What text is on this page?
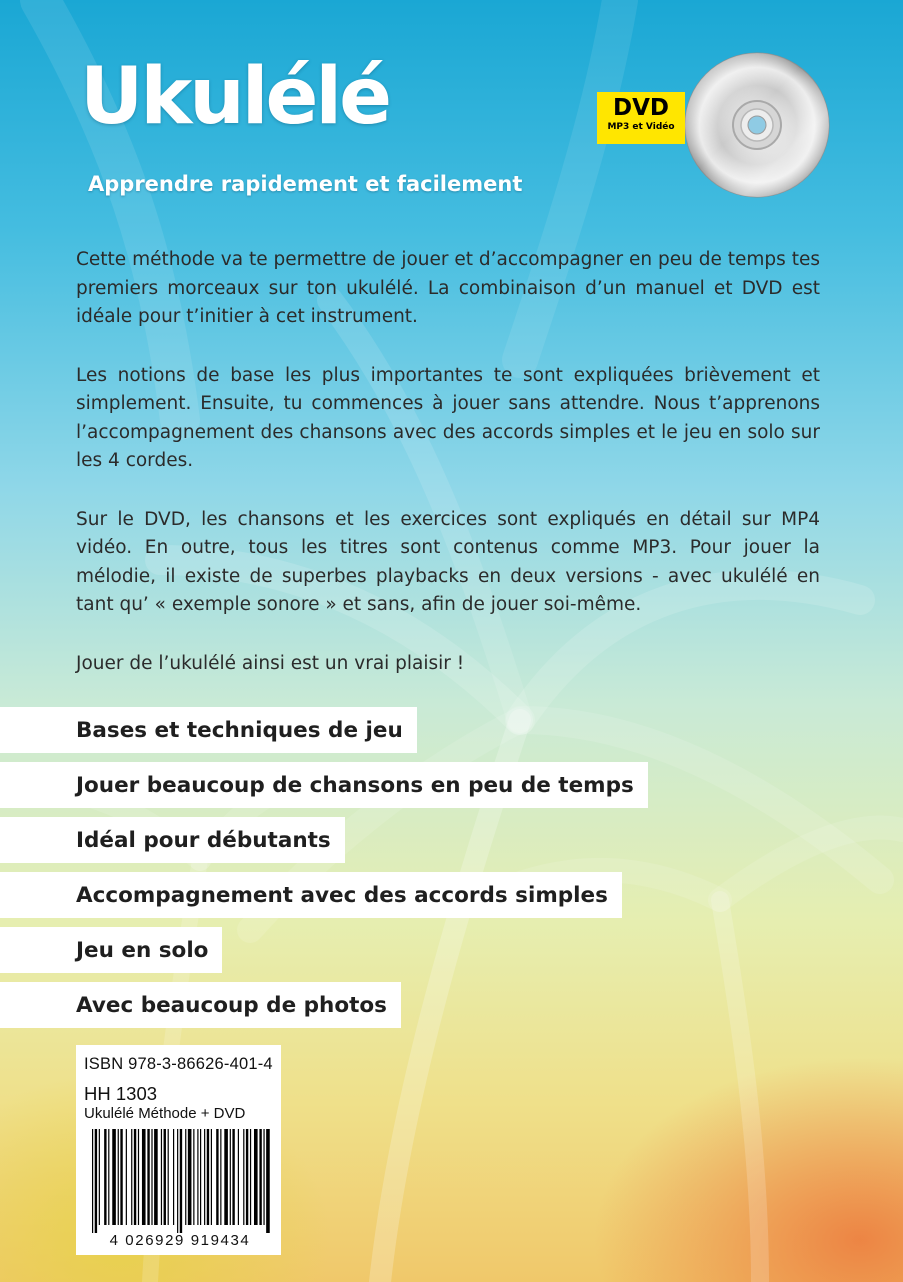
Ukulélé
Apprendre rapidement et facilement
DVD
MP3 et Vidéo

Cette méthode va te permettre de jouer et d’accompagner en peu de temps tes premiers morceaux sur ton ukulélé. La combinaison d’un manuel et DVD est idéale pour t’initier à cet instrument.

Les notions de base les plus importantes te sont expliquées brièvement et simplement. Ensuite, tu commences à jouer sans attendre. Nous t’apprenons l’accompagnement des chansons avec des accords simples et le jeu en solo sur les 4 cordes.

Sur le DVD, les chansons et les exercices sont expliqués en détail sur MP4 vidéo. En outre, tous les titres sont contenus comme MP3. Pour jouer la mélodie, il existe de superbes playbacks en deux versions - avec ukulélé en tant qu’ « exemple sonore » et sans, afin de jouer soi-même.

Jouer de l’ukulélé ainsi est un vrai plaisir !

Bases et techniques de jeu
Jouer beaucoup de chansons en peu de temps
Idéal pour débutants
Accompagnement avec des accords simples
Jeu en solo
Avec beaucoup de photos
ISBN 978-3-86626-401-4
HH 1303
Ukulélé Méthode + DVD
4 026929 919434
